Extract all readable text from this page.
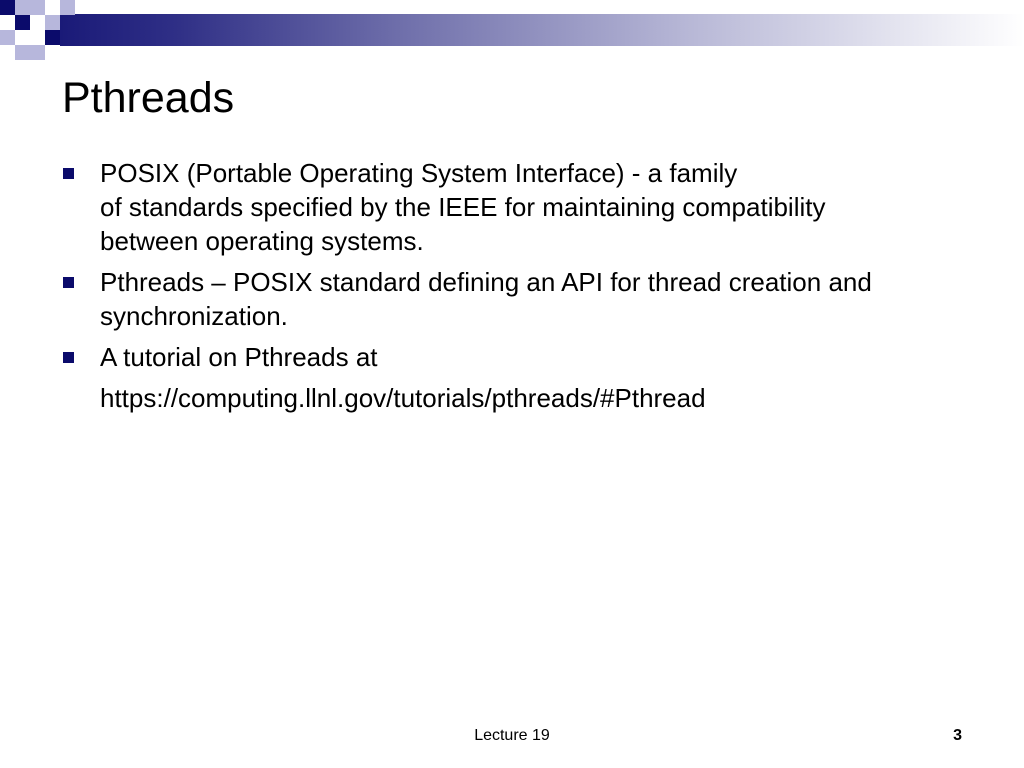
Pthreads
POSIX (Portable Operating System Interface) - a family
of standards specified by the IEEE for maintaining compatibility
between operating systems.
Pthreads – POSIX standard defining an API for thread creation and
synchronization.
A tutorial on Pthreads at
https://computing.llnl.gov/tutorials/pthreads/#Pthread
Lecture 19	3
